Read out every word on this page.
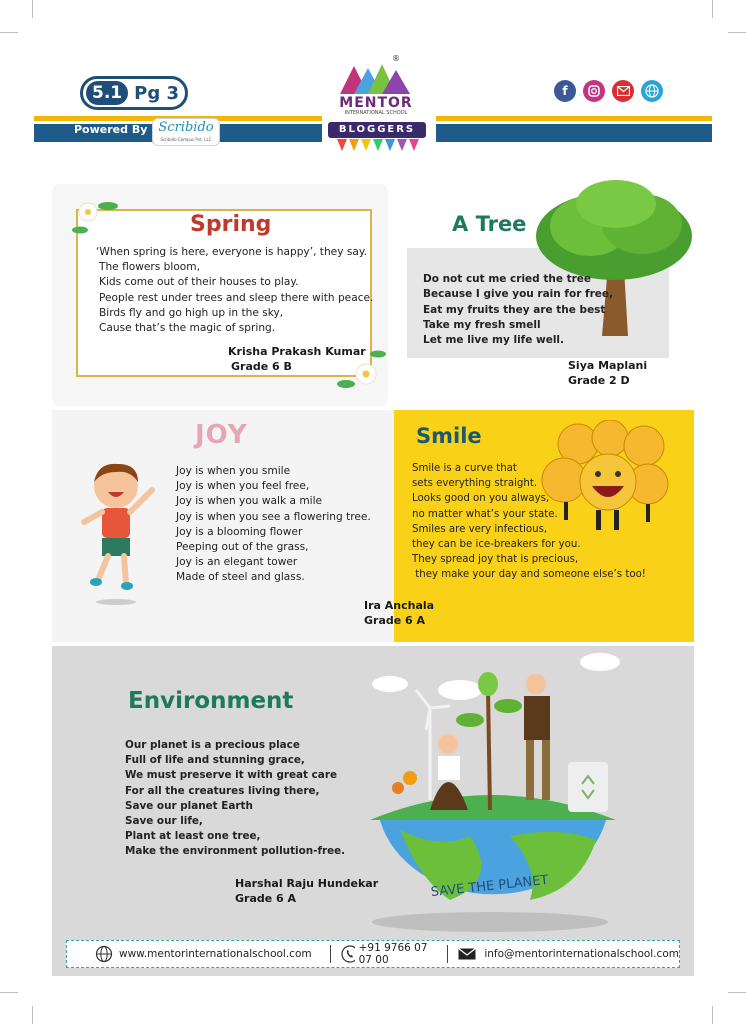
5.1 Pg 3
Powered By Scribido
Scribido Campus Pvt. LLC
®
MENTOR
INTERNATIONAL SCHOOL
BLOGGERS
f
Spring
‘When spring is here, everyone is happy’, they say.
The flowers bloom,
Kids come out of their houses to play.
People rest under trees and sleep there with peace.
Birds fly and go high up in the sky,
Cause that’s the magic of spring.
Krisha Prakash Kumar
Grade 6 B
A Tree
Do not cut me cried the tree
Because I give you rain for free,
Eat my fruits they are the best
Take my fresh smell
Let me live my life well.
Siya Maplani
Grade 2 D
JOY
Joy is when you smile
Joy is when you feel free,
Joy is when you walk a mile
Joy is when you see a flowering tree.
Joy is a blooming flower
Peeping out of the grass,
Joy is an elegant tower
Made of steel and glass.
Smile
Smile is a curve that
sets everything straight.
Looks good on you always,
no matter what’s your state.
Smiles are very infectious,
they can be ice-breakers for you.
They spread joy that is precious,
they make your day and someone else’s too!
Ira Anchala
Grade 6 A
SAVE THE PLANET
Environment
Our planet is a precious place
Full of life and stunning grace,
We must preserve it with great care
For all the creatures living there,
Save our planet Earth
Save our life,
Plant at least one tree,
Make the environment pollution-free.
Harshal Raju Hundekar
Grade 6 A
www.mentorinternationalschool.com	+91 9766 07 07 00	info@mentorinternationalschool.com
